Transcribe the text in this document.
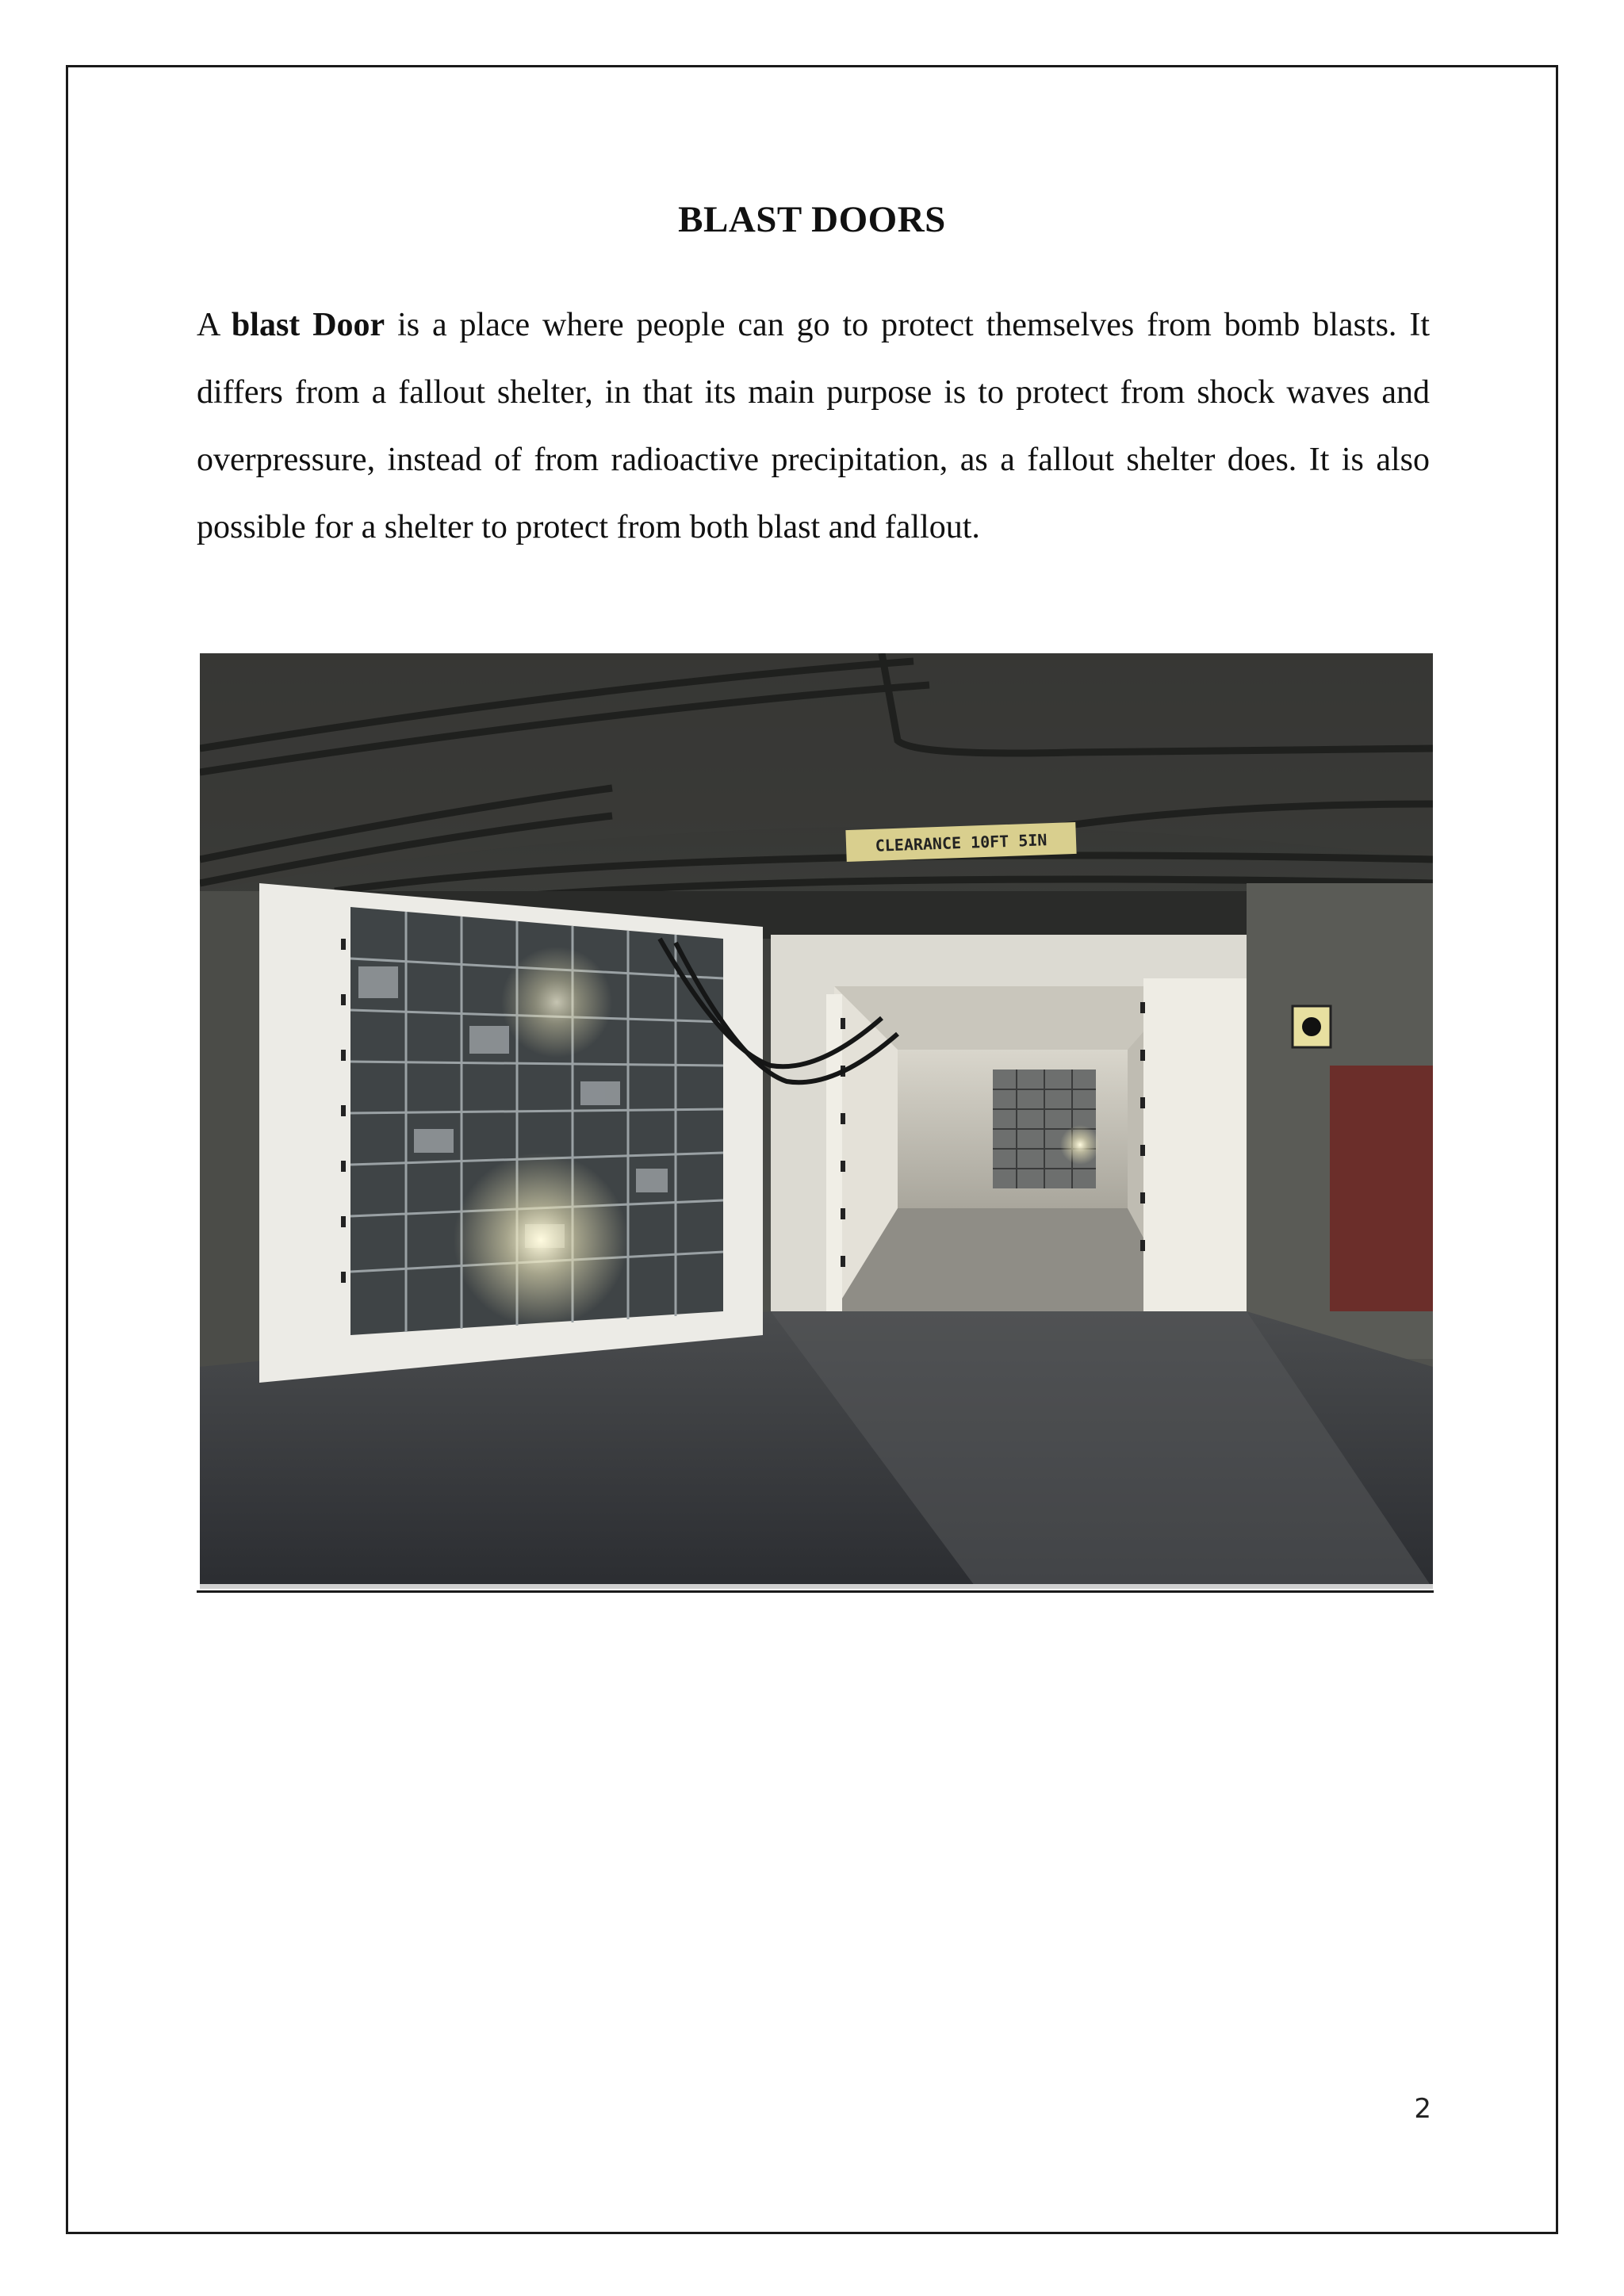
BLAST DOORS
A blast Door is a place where people can go to protect themselves from bomb blasts. It differs from a fallout shelter, in that its main purpose is to protect from shock waves and overpressure, instead of from radioactive precipitation, as a fallout shelter does. It is also possible for a shelter to protect from both blast and fallout.
CLEARANCE 10FT 5IN
2
